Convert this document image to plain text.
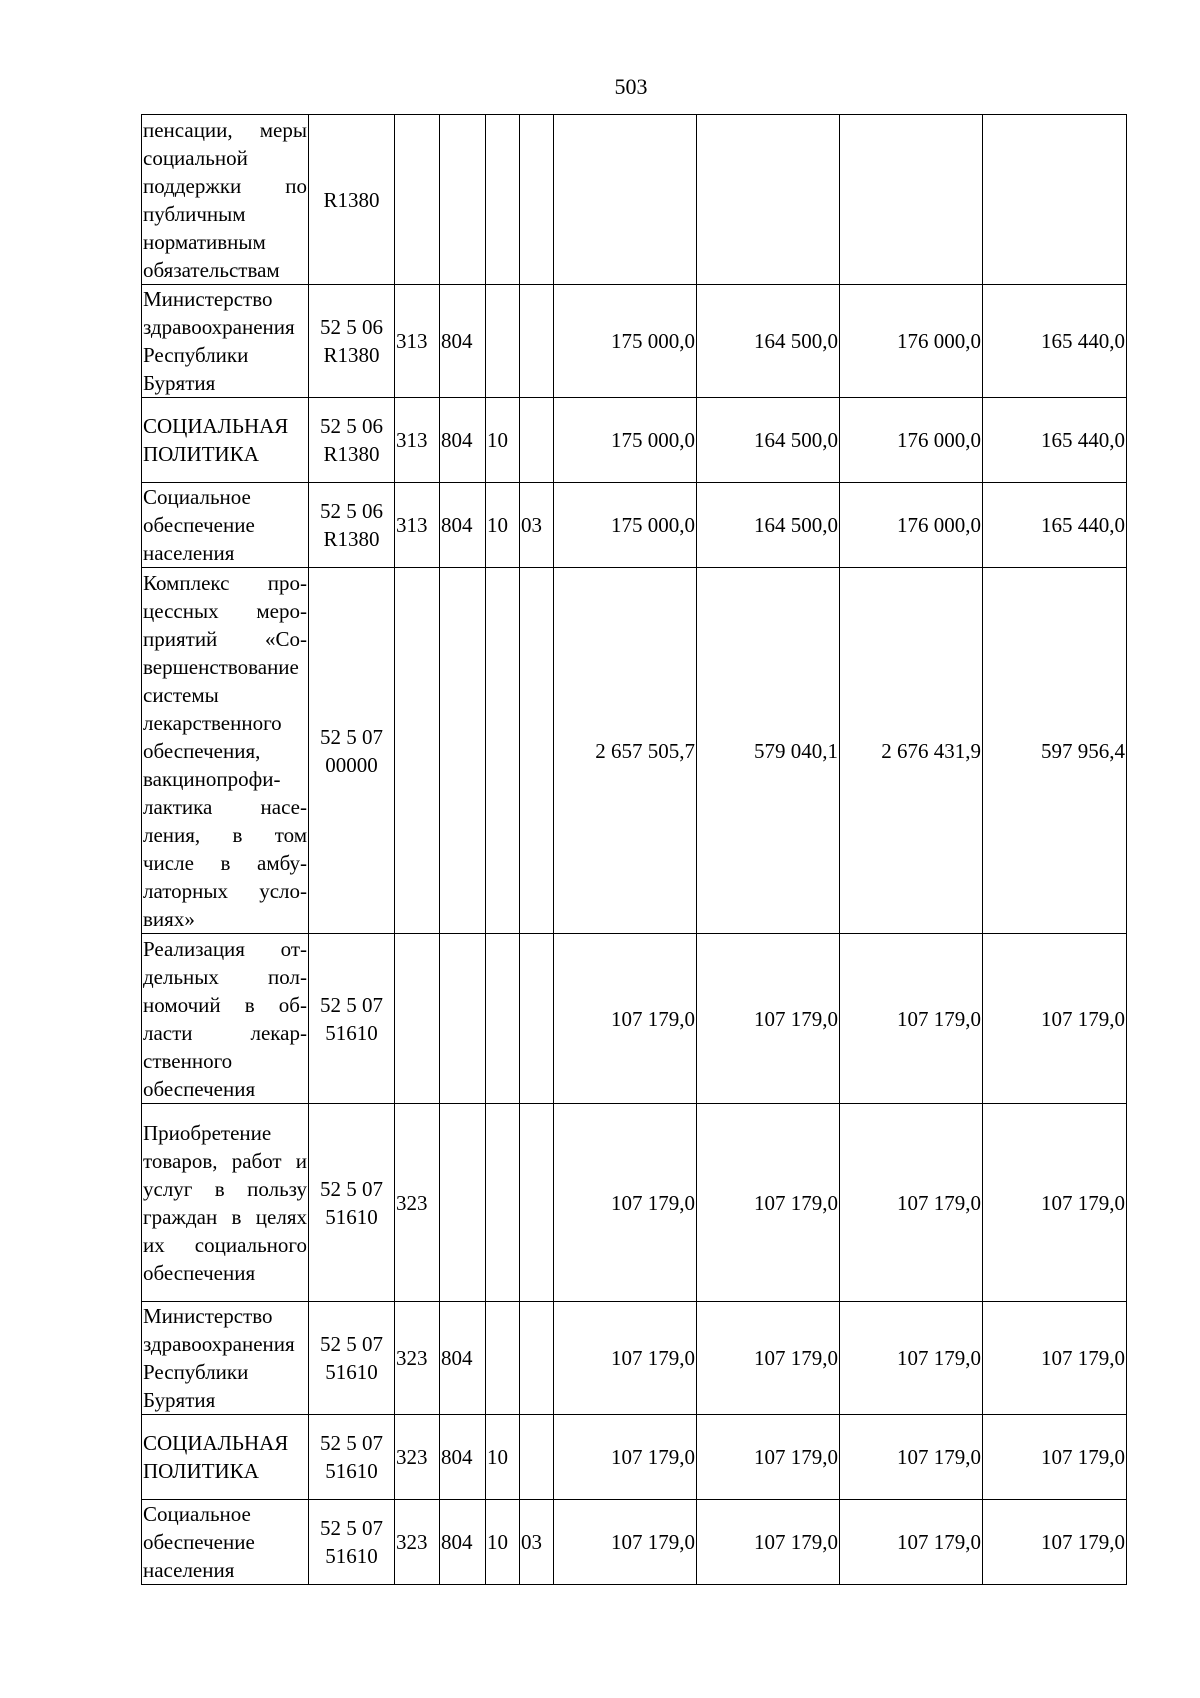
503
пенсации, меры социальной поддержки по публичным нормативным обязательствам	R1380								
Министерство здравоохранения Республики Бурятия	52 5 06 R1380	313	804			175 000,0	164 500,0	176 000,0	165 440,0
СОЦИАЛЬНАЯ ПОЛИТИКА	52 5 06 R1380	313	804	10		175 000,0	164 500,0	176 000,0	165 440,0
Социальное обеспечение населения	52 5 06 R1380	313	804	10	03	175 000,0	164 500,0	176 000,0	165 440,0
Комплекс процессных мероприятий «Совершенствование системы лекарственного обеспечения, вакцинопрофилактика населения, в том числе в амбулаторных условиях»	52 5 07 00000					2 657 505,7	579 040,1	2 676 431,9	597 956,4
Реализация отдельных полномочий в области лекарственного обеспечения	52 5 07 51610					107 179,0	107 179,0	107 179,0	107 179,0
Приобретение товаров, работ и услуг в пользу граждан в целях их социального обеспечения	52 5 07 51610	323				107 179,0	107 179,0	107 179,0	107 179,0
Министерство здравоохранения Республики Бурятия	52 5 07 51610	323	804			107 179,0	107 179,0	107 179,0	107 179,0
СОЦИАЛЬНАЯ ПОЛИТИКА	52 5 07 51610	323	804	10		107 179,0	107 179,0	107 179,0	107 179,0
Социальное обеспечение населения	52 5 07 51610	323	804	10	03	107 179,0	107 179,0	107 179,0	107 179,0
